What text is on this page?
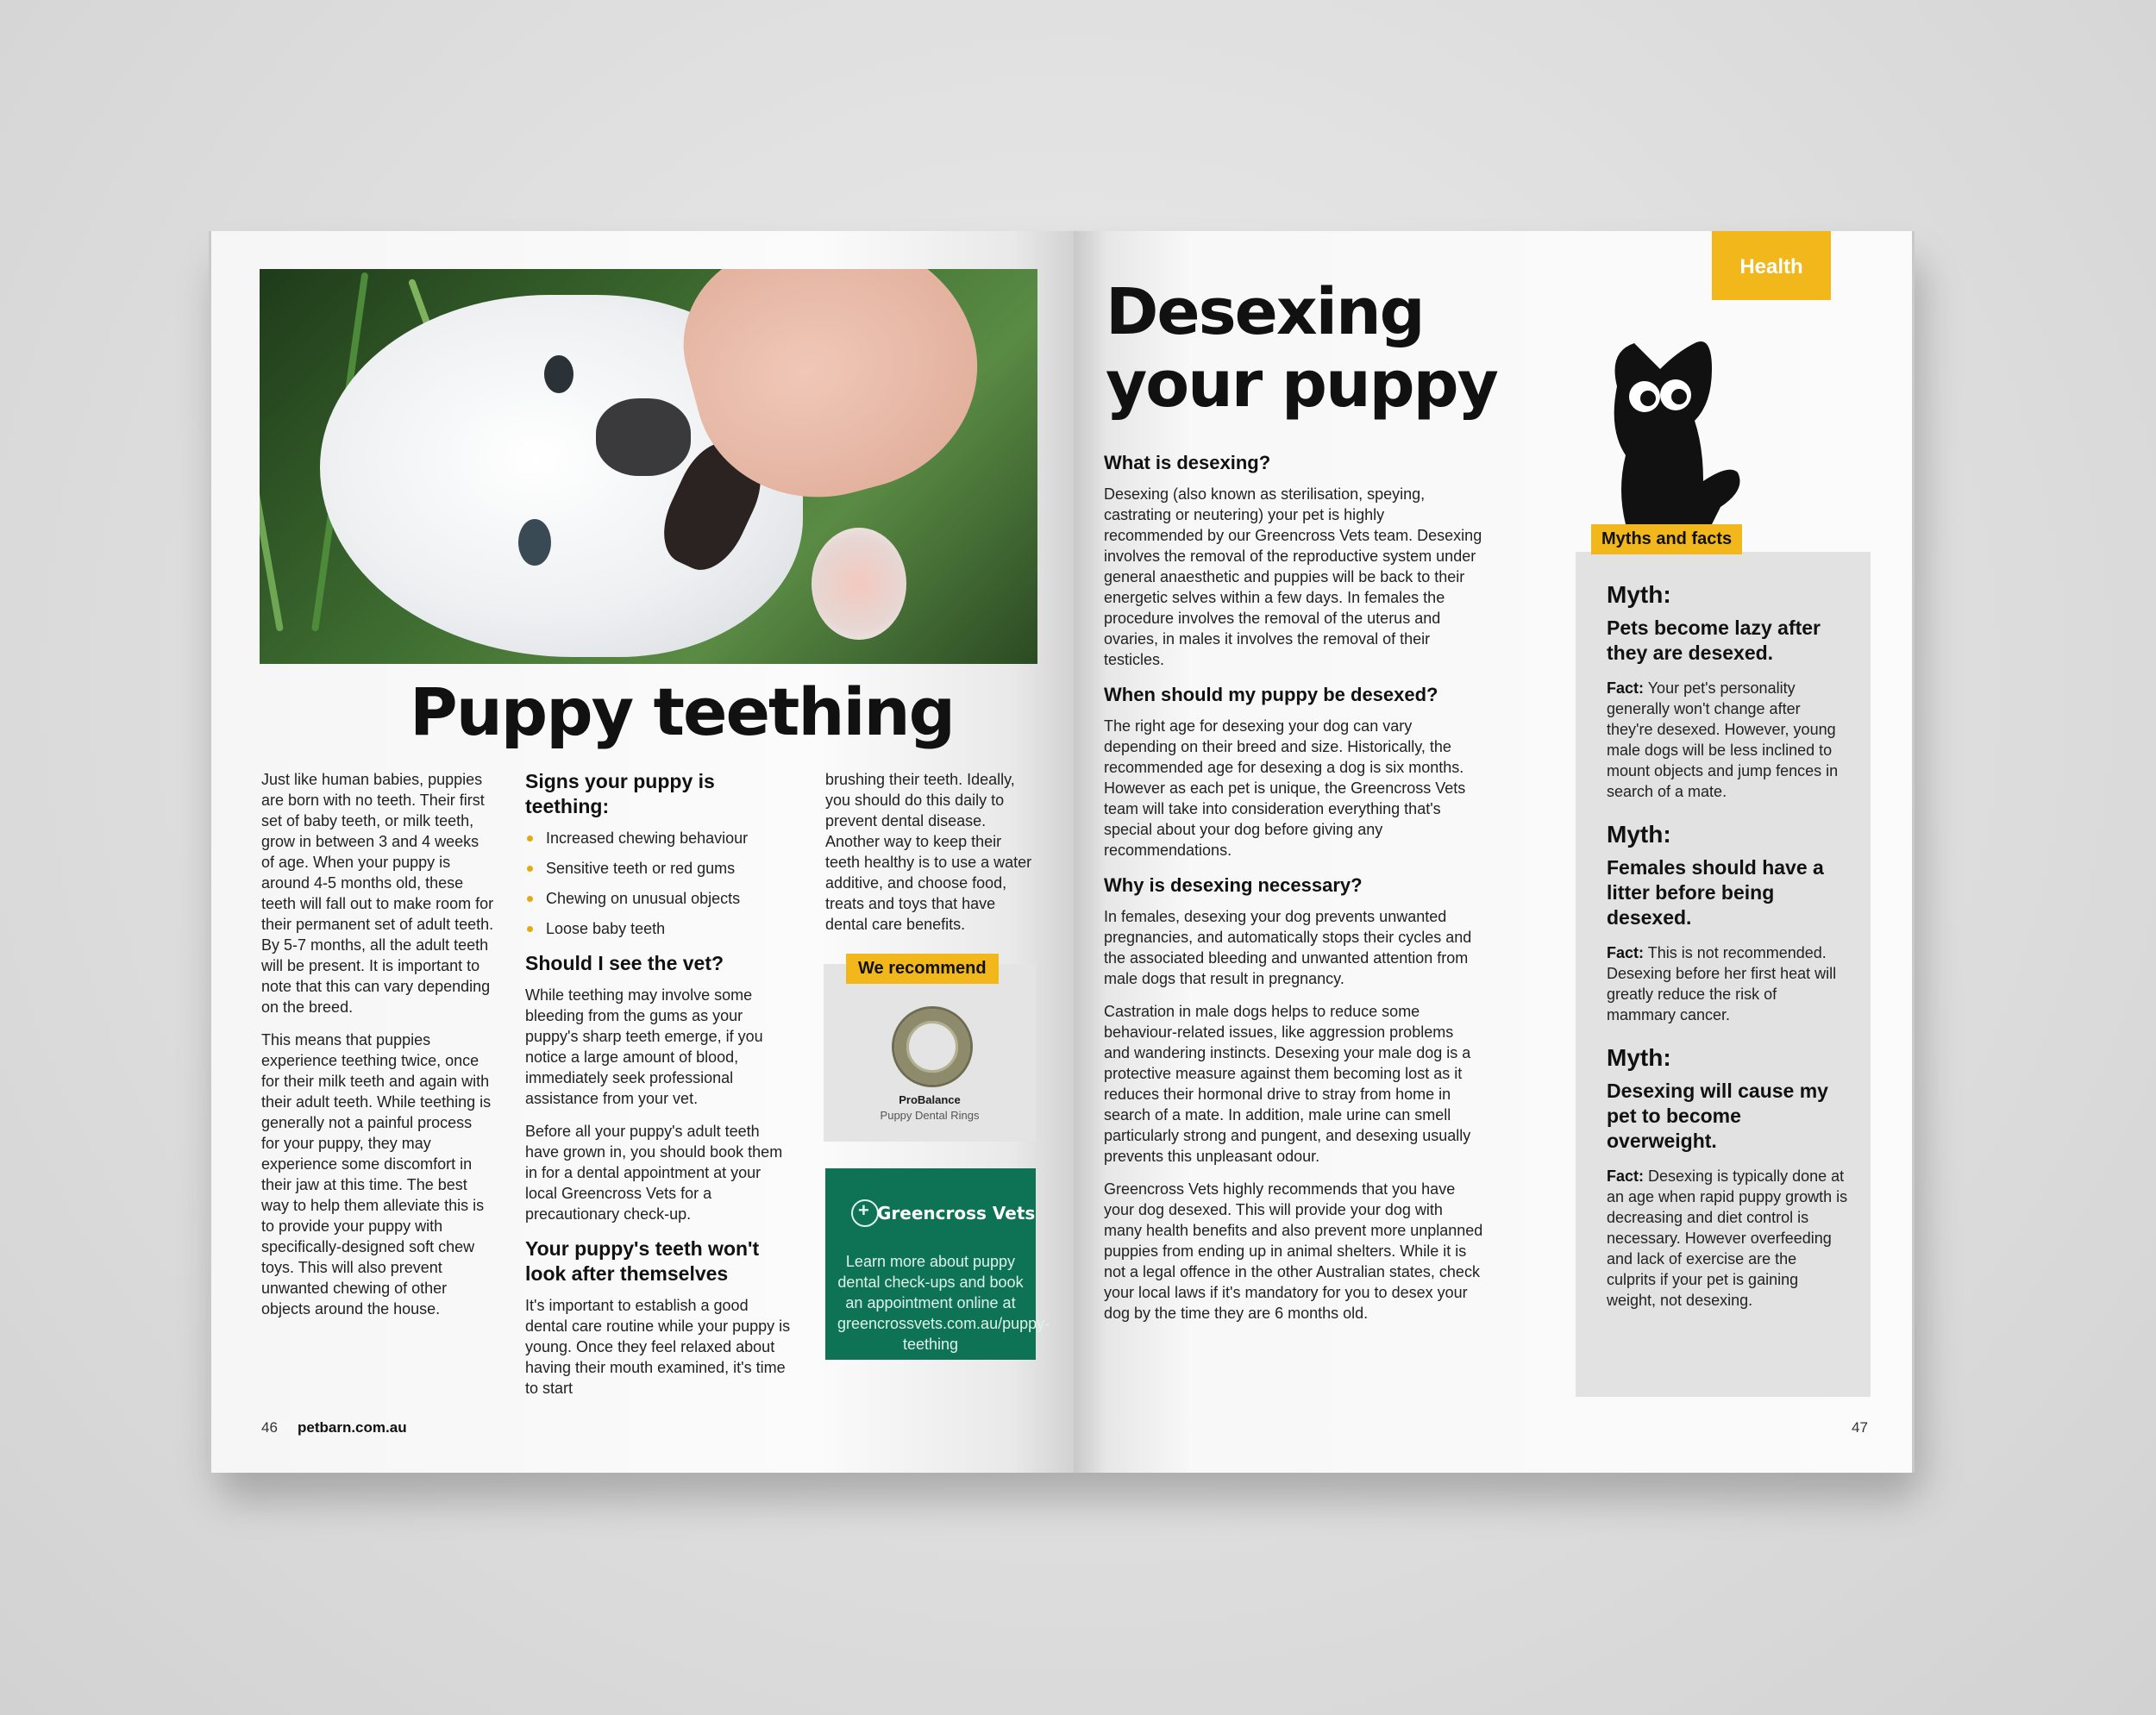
Puppy teething

Just like human babies, puppies are born with no teeth. Their first set of baby teeth, or milk teeth, grow in between 3 and 4 weeks of age. When your puppy is around 4-5 months old, these teeth will fall out to make room for their permanent set of adult teeth. By 5-7 months, all the adult teeth will be present. It is important to note that this can vary depending on the breed.

This means that puppies experience teething twice, once for their milk teeth and again with their adult teeth. While teething is generally not a painful process for your puppy, they may experience some discomfort in their jaw at this time. The best way to help them alleviate this is to provide your puppy with specifically-designed soft chew toys. This will also prevent unwanted chewing of other objects around the house.

Signs your puppy is teething:
Increased chewing behaviour
Sensitive teeth or red gums
Chewing on unusual objects
Loose baby teeth
Should I see the vet?

While teething may involve some bleeding from the gums as your puppy's sharp teeth emerge, if you notice a large amount of blood, immediately seek professional assistance from your vet.

Before all your puppy's adult teeth have grown in, you should book them in for a dental appointment at your local Greencross Vets for a precautionary check-up.

Your puppy's teeth won't look after themselves

It's important to establish a good dental care routine while your puppy is young. Once they feel relaxed about having their mouth examined, it's time to start

brushing their teeth. Ideally, you should do this daily to prevent dental disease. Another way to keep their teeth healthy is to use a water additive, and choose food, treats and toys that have dental care benefits.

We recommend
ProBalance
Puppy Dental Rings
+
Greencross Vets
Learn more about puppy dental check-ups and book an appointment online at greencrossvets.com.au/puppy-teething
46 petbarn.com.au
Health
Desexing
your puppy
What is desexing?

Desexing (also known as sterilisation, speying, castrating or neutering) your pet is highly recommended by our Greencross Vets team. Desexing involves the removal of the reproductive system under general anaesthetic and puppies will be back to their energetic selves within a few days. In females the procedure involves the removal of the uterus and ovaries, in males it involves the removal of their testicles.

When should my puppy be desexed?

The right age for desexing your dog can vary depending on their breed and size. Historically, the recommended age for desexing a dog is six months. However as each pet is unique, the Greencross Vets team will take into consideration everything that's special about your dog before giving any recommendations.

Why is desexing necessary?

In females, desexing your dog prevents unwanted pregnancies, and automatically stops their cycles and the associated bleeding and unwanted attention from male dogs that result in pregnancy.

Castration in male dogs helps to reduce some behaviour-related issues, like aggression problems and wandering instincts. Desexing your male dog is a protective measure against them becoming lost as it reduces their hormonal drive to stray from home in search of a mate. In addition, male urine can smell particularly strong and pungent, and desexing usually prevents this unpleasant odour.

Greencross Vets highly recommends that you have your dog desexed. This will provide your dog with many health benefits and also prevent more unplanned puppies from ending up in animal shelters. While it is not a legal offence in the other Australian states, check your local laws if it's mandatory for you to desex your dog by the time they are 6 months old.

Myths and facts
Myth:
Pets become lazy after they are desexed.

Fact: Your pet's personality generally won't change after they're desexed. However, young male dogs will be less inclined to mount objects and jump fences in search of a mate.

Myth:
Females should have a litter before being desexed.

Fact: This is not recommended. Desexing before her first heat will greatly reduce the risk of mammary cancer.

Myth:
Desexing will cause my pet to become overweight.

Fact: Desexing is typically done at an age when rapid puppy growth is decreasing and diet control is necessary. However overfeeding and lack of exercise are the culprits if your pet is gaining weight, not desexing.

47
